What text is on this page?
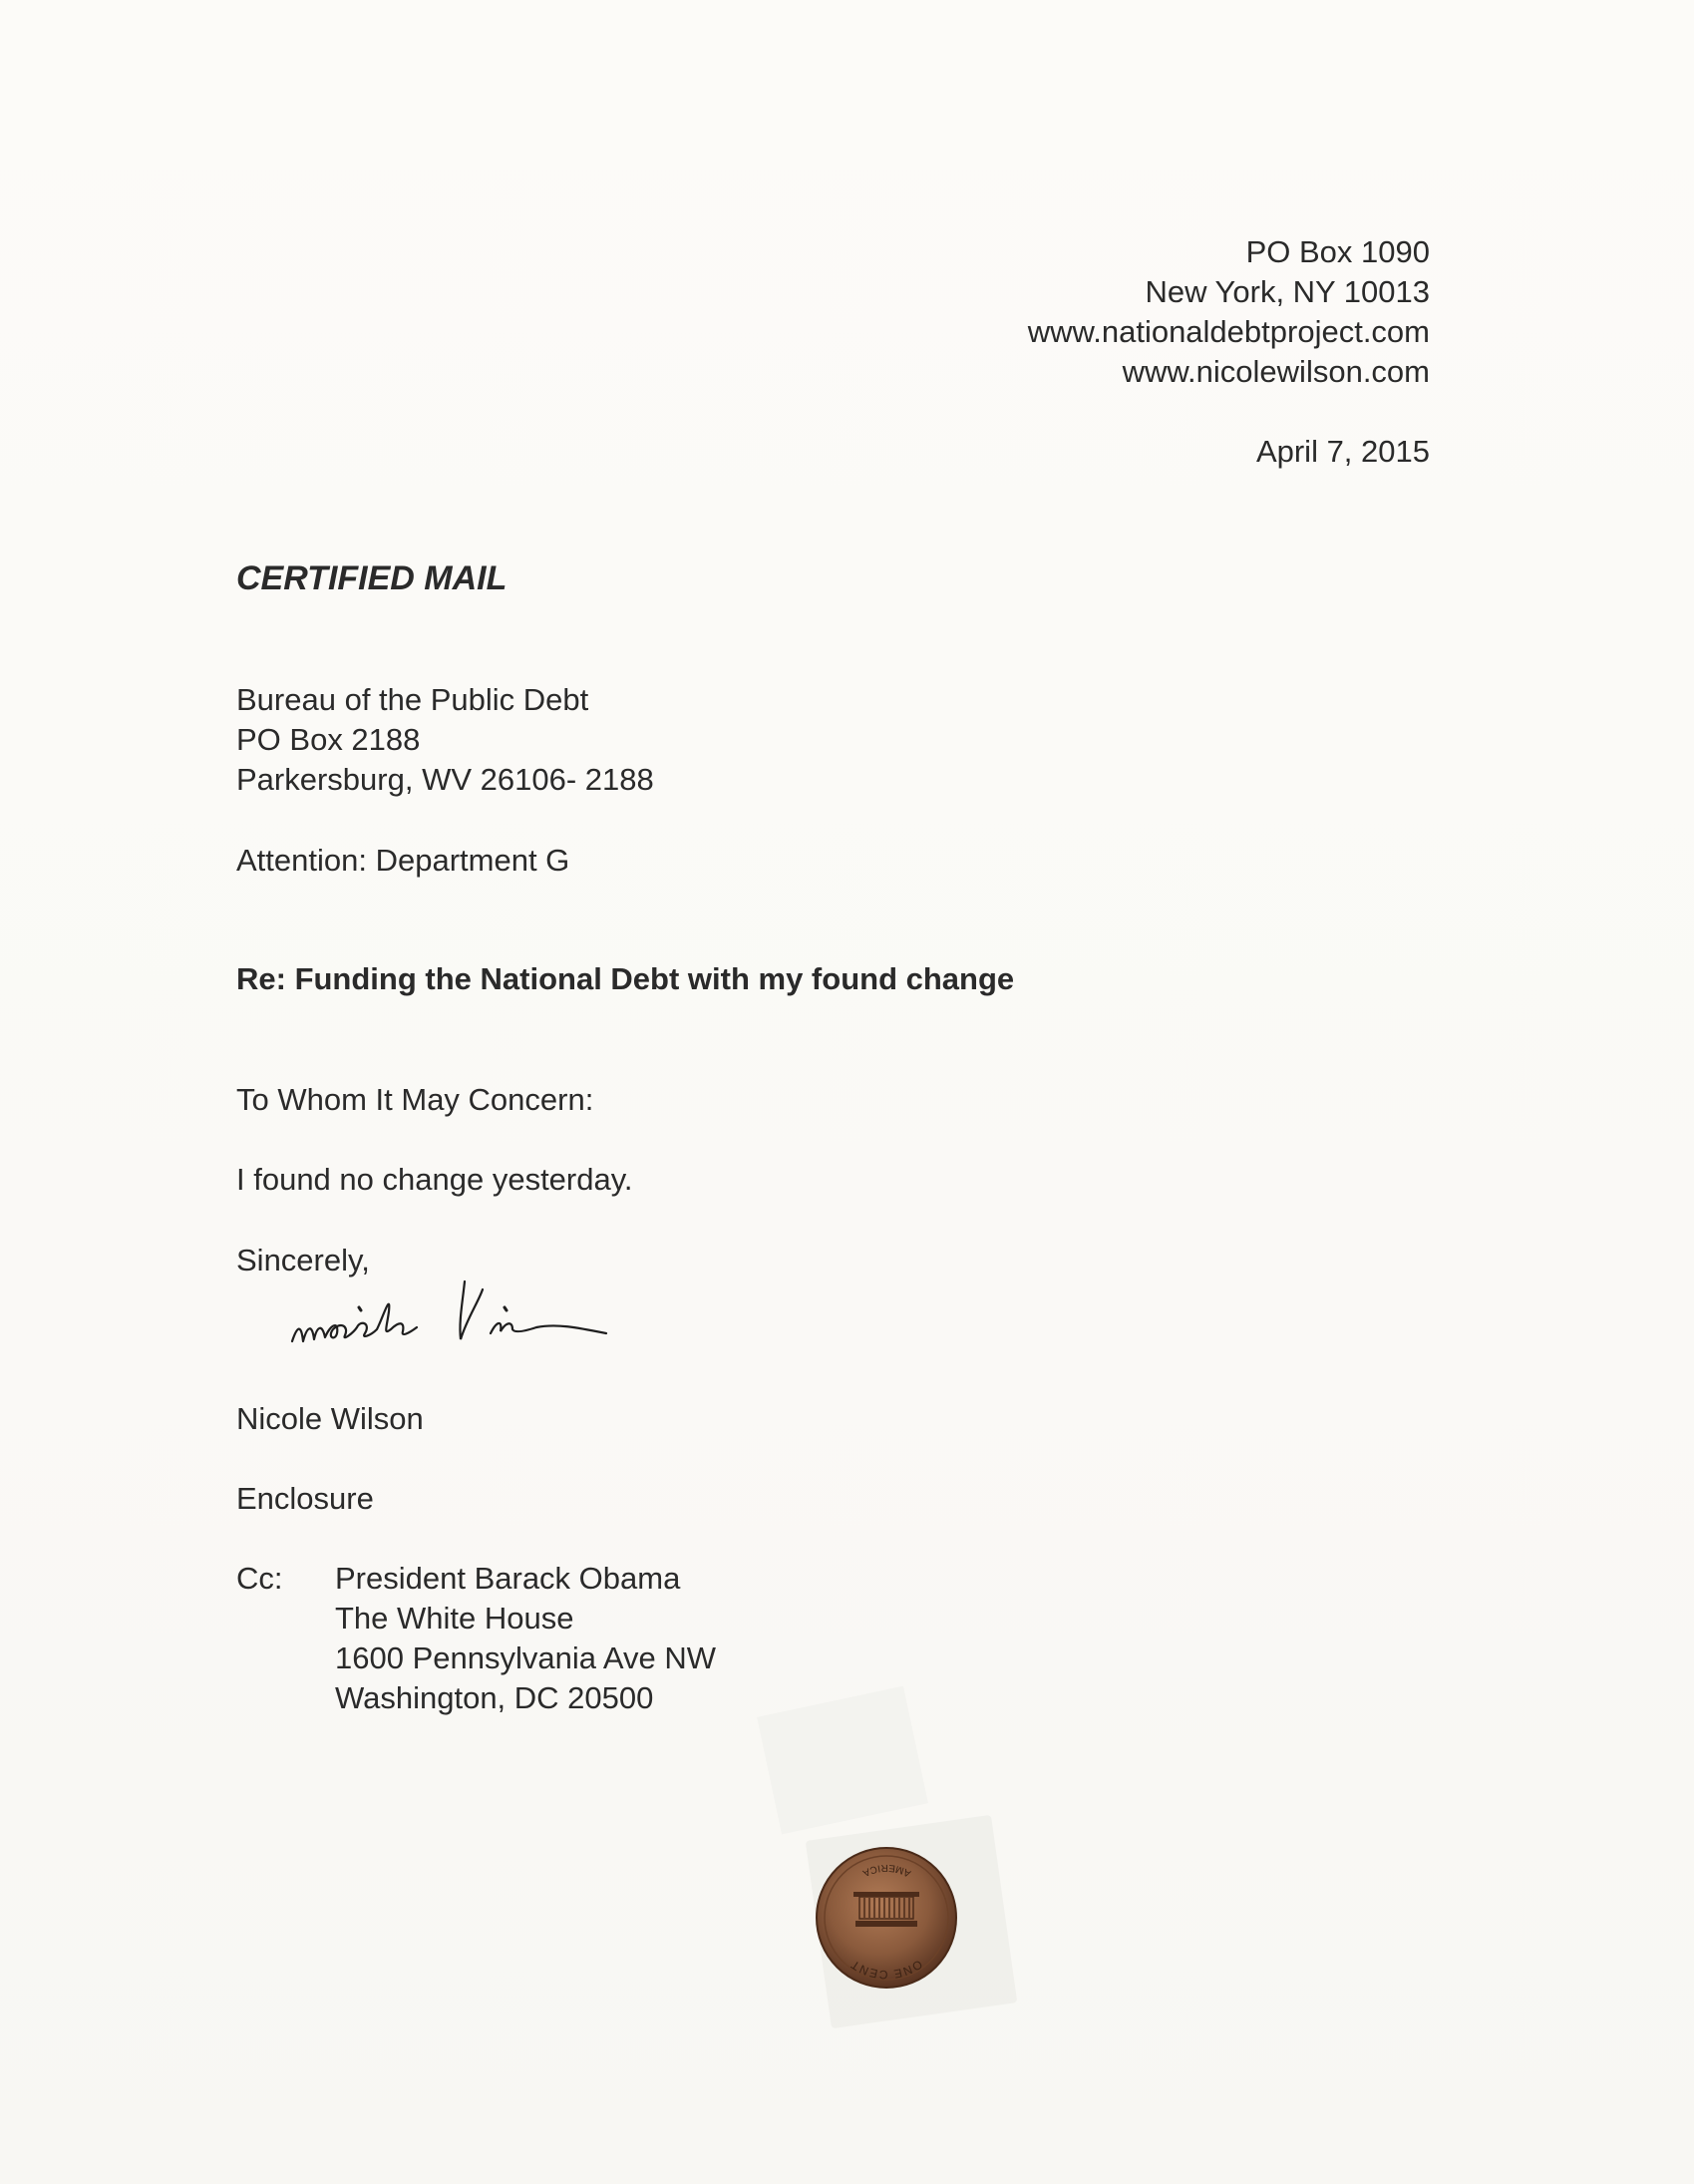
PO Box 1090
New York, NY 10013
www.nationaldebtproject.com
www.nicolewilson.com
April 7, 2015
CERTIFIED MAIL
Bureau of the Public Debt
PO Box 2188
Parkersburg, WV 26106- 2188
Attention: Department G
Re: Funding the National Debt with my found change
To Whom It May Concern:
I found no change yesterday.
Sincerely,
Nicole Wilson
Enclosure
Cc: President Barack Obama
The White House
1600 Pennsylvania Ave NW
Washington, DC 20500
ONE CENT
AMERICA
